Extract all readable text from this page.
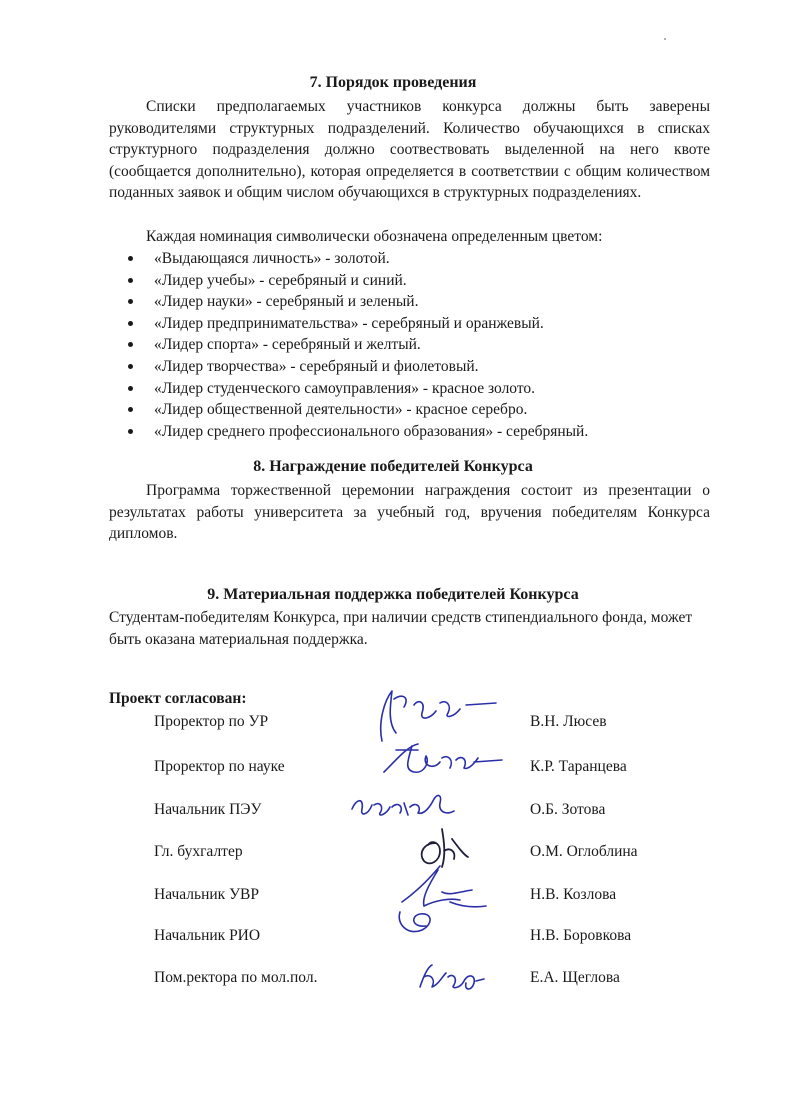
7. Порядок проведения

Списки предполагаемых участников конкурса должны быть заверены руководителями структурных подразделений. Количество обучающихся в списках структурного подразделения должно соотвествовать выделенной на него квоте (сообщается дополнительно), которая определяется в соответствии с общим количеством поданных заявок и общим числом обучающихся в структурных подразделениях.

Каждая номинация символически обозначена определенным цветом:

«Выдающаяся личность» - золотой.
«Лидер учебы» - серебряный и синий.
«Лидер науки» - серебряный и зеленый.
«Лидер предпринимательства» - серебряный и оранжевый.
«Лидер спорта» - серебряный и желтый.
«Лидер творчества» - серебряный и фиолетовый.
«Лидер студенческого самоуправления» - красное золото.
«Лидер общественной деятельности» - красное серебро.
«Лидер среднего профессионального образования» - серебряный.
8. Награждение победителей Конкурса

Программа торжественной церемонии награждения состоит из презентации о результатах работы университета за учебный год, вручения победителям Конкурса дипломов.

9. Материальная поддержка победителей Конкурса

Студентам-победителям Конкурса, при наличии средств стипендиального фонда, может быть оказана материальная поддержка.

Проект согласован:
Проректор по УР	В.Н. Люсев
Проректор по науке	К.Р. Таранцева
Начальник ПЭУ	О.Б. Зотова
Гл. бухгалтер	О.М. Оглоблина
Начальник УВР	Н.В. Козлова
Начальник РИО	Н.В. Боровкова
Пом.ректора по мол.пол.	Е.А. Щеглова
